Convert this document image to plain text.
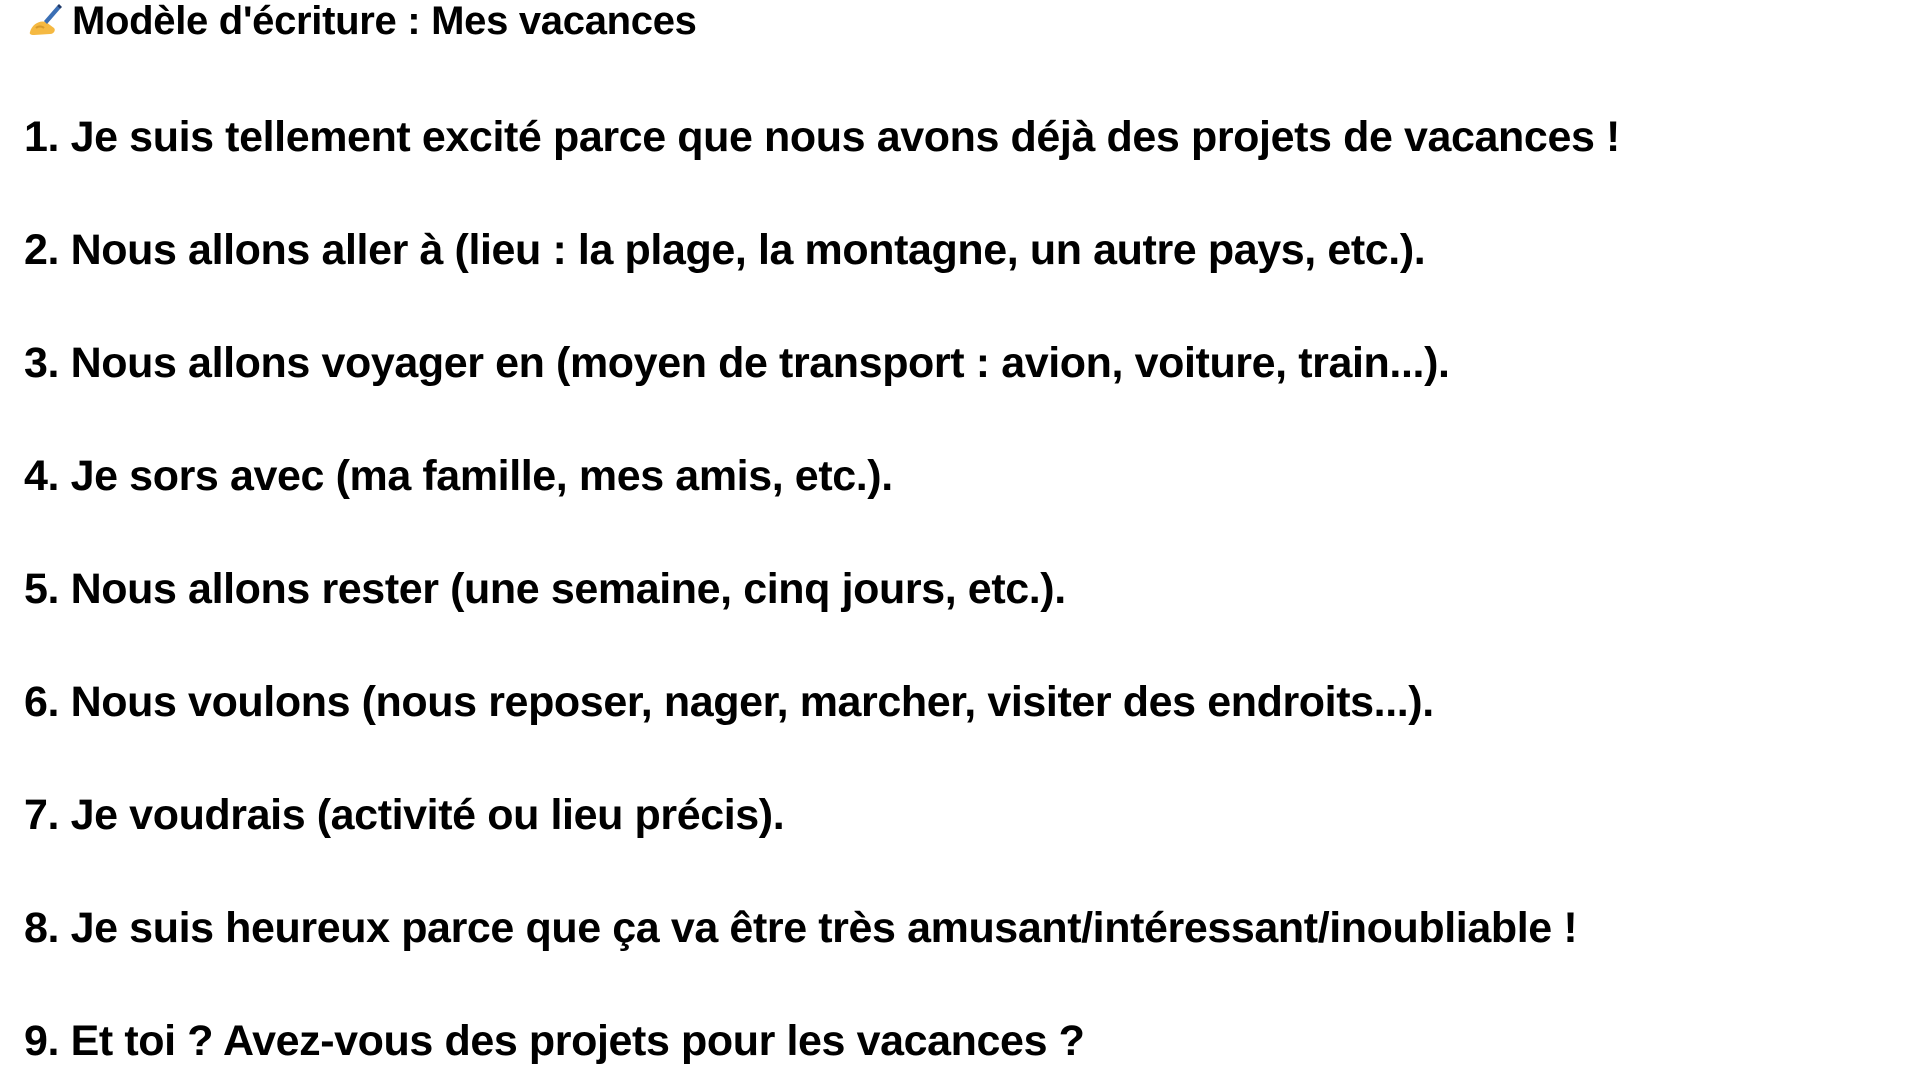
Modèle d'écriture : Mes vacances
1. Je suis tellement excité parce que nous avons déjà des projets de vacances !
2. Nous allons aller à (lieu : la plage, la montagne, un autre pays, etc.).
3. Nous allons voyager en (moyen de transport : avion, voiture, train...).
4. Je sors avec (ma famille, mes amis, etc.).
5. Nous allons rester (une semaine, cinq jours, etc.).
6. Nous voulons (nous reposer, nager, marcher, visiter des endroits...).
7. Je voudrais (activité ou lieu précis).
8. Je suis heureux parce que ça va être très amusant/intéressant/inoubliable !
9. Et toi ? Avez-vous des projets pour les vacances ?
